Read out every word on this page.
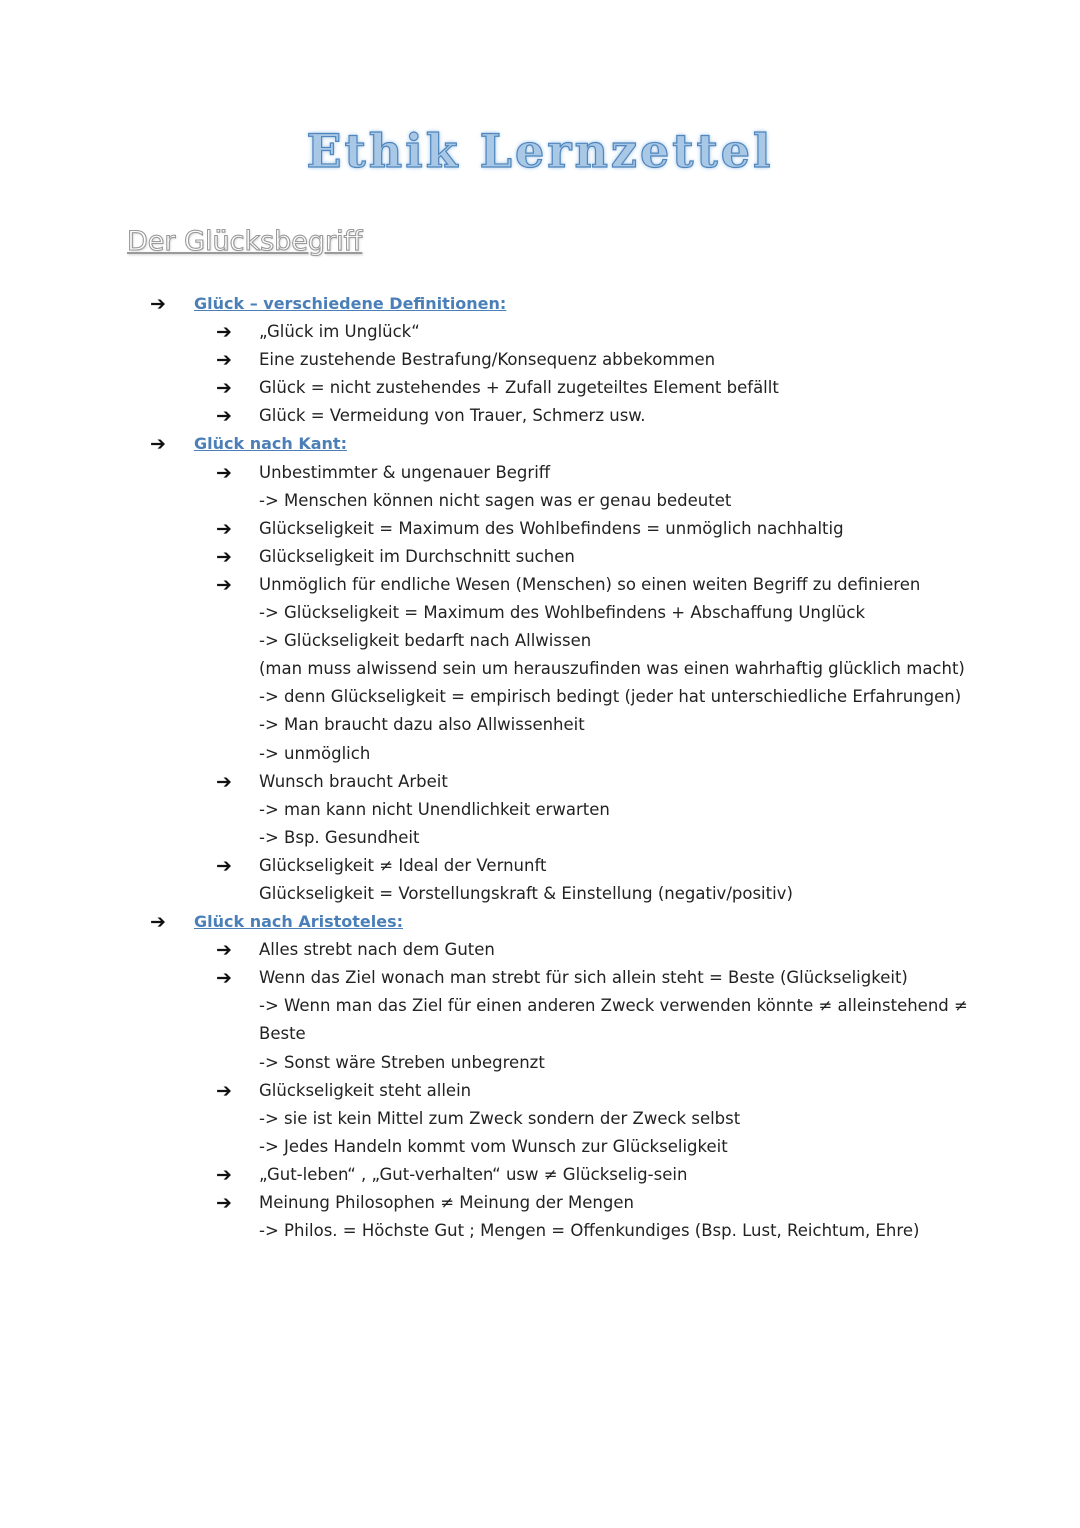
Ethik Lernzettel
Der Glücksbegriff
➔ Glück – verschiedene Definitionen:
➔ „Glück im Unglück“
➔ Eine zustehende Bestrafung/Konsequenz abbekommen
➔ Glück = nicht zustehendes + Zufall zugeteiltes Element befällt
➔ Glück = Vermeidung von Trauer, Schmerz usw.
➔ Glück nach Kant:
➔ Unbestimmter & ungenauer Begriff
-> Menschen können nicht sagen was er genau bedeutet
➔ Glückseligkeit = Maximum des Wohlbefindens = unmöglich nachhaltig
➔ Glückseligkeit im Durchschnitt suchen
➔ Unmöglich für endliche Wesen (Menschen) so einen weiten Begriff zu definieren
-> Glückseligkeit = Maximum des Wohlbefindens + Abschaffung Unglück
-> Glückseligkeit bedarft nach Allwissen
(man muss alwissend sein um herauszufinden was einen wahrhaftig glücklich macht)
-> denn Glückseligkeit = empirisch bedingt (jeder hat unterschiedliche Erfahrungen)
-> Man braucht dazu also Allwissenheit
-> unmöglich
➔ Wunsch braucht Arbeit
-> man kann nicht Unendlichkeit erwarten
-> Bsp. Gesundheit
➔ Glückseligkeit ≠ Ideal der Vernunft
Glückseligkeit = Vorstellungskraft & Einstellung (negativ/positiv)
➔ Glück nach Aristoteles:
➔ Alles strebt nach dem Guten
➔ Wenn das Ziel wonach man strebt für sich allein steht = Beste (Glückseligkeit)
-> Wenn man das Ziel für einen anderen Zweck verwenden könnte ≠ alleinstehend ≠
Beste
-> Sonst wäre Streben unbegrenzt
➔ Glückseligkeit steht allein
-> sie ist kein Mittel zum Zweck sondern der Zweck selbst
-> Jedes Handeln kommt vom Wunsch zur Glückseligkeit
➔ „Gut-leben“ , „Gut-verhalten“ usw ≠ Glückselig-sein
➔ Meinung Philosophen ≠ Meinung der Mengen
-> Philos. = Höchste Gut ; Mengen = Offenkundiges (Bsp. Lust, Reichtum, Ehre)
